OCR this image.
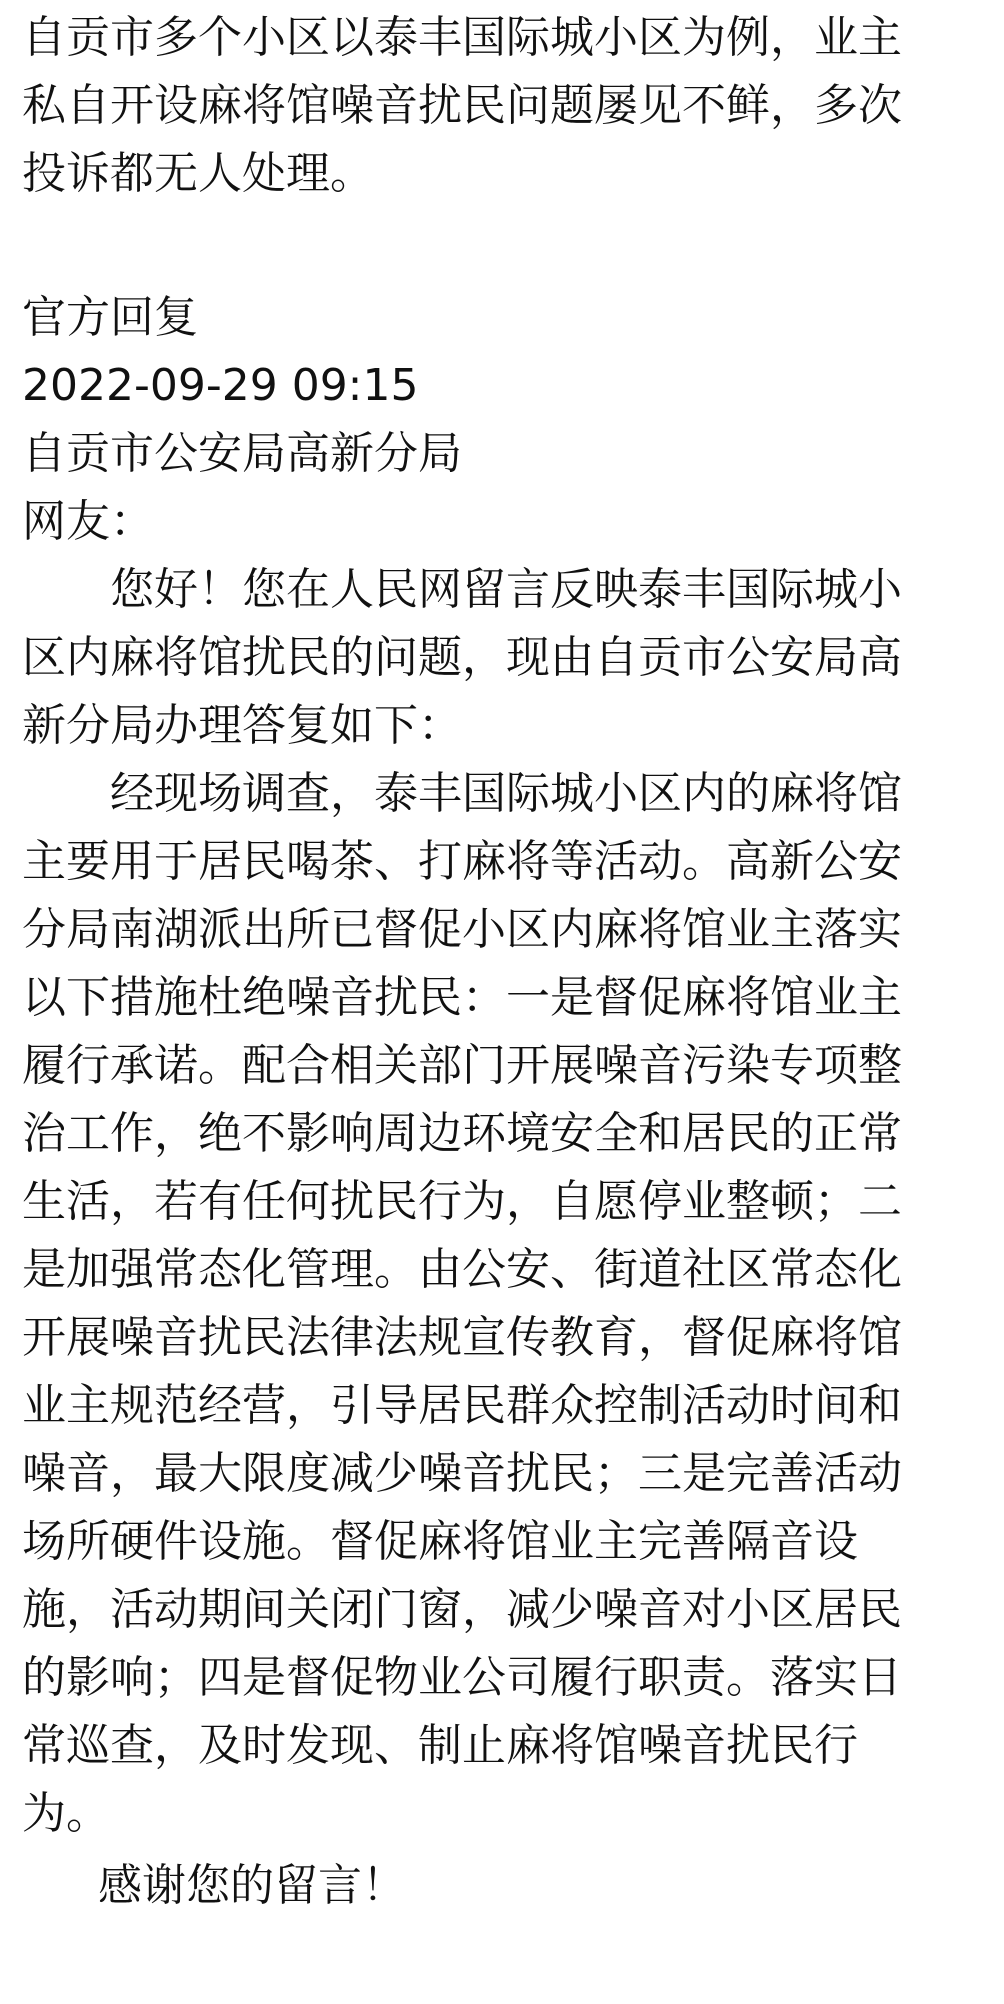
自贡市多个小区以泰丰国际城小区为例，业主
私自开设麻将馆噪音扰民问题屡见不鲜，多次
投诉都无人处理。
官方回复
2022-09-29 09:15
自贡市公安局高新分局
网友：
您好！您在人民网留言反映泰丰国际城小
区内麻将馆扰民的问题，现由自贡市公安局高
新分局办理答复如下：
经现场调查，泰丰国际城小区内的麻将馆
主要用于居民喝茶、打麻将等活动。高新公安
分局南湖派出所已督促小区内麻将馆业主落实
以下措施杜绝噪音扰民：一是督促麻将馆业主
履行承诺。配合相关部门开展噪音污染专项整
治工作，绝不影响周边环境安全和居民的正常
生活，若有任何扰民行为，自愿停业整顿；二
是加强常态化管理。由公安、街道社区常态化
开展噪音扰民法律法规宣传教育，督促麻将馆
业主规范经营，引导居民群众控制活动时间和
噪音，最大限度减少噪音扰民；三是完善活动
场所硬件设施。督促麻将馆业主完善隔音设
施，活动期间关闭门窗，减少噪音对小区居民
的影响；四是督促物业公司履行职责。落实日
常巡查，及时发现、制止麻将馆噪音扰民行
为。
感谢您的留言！
